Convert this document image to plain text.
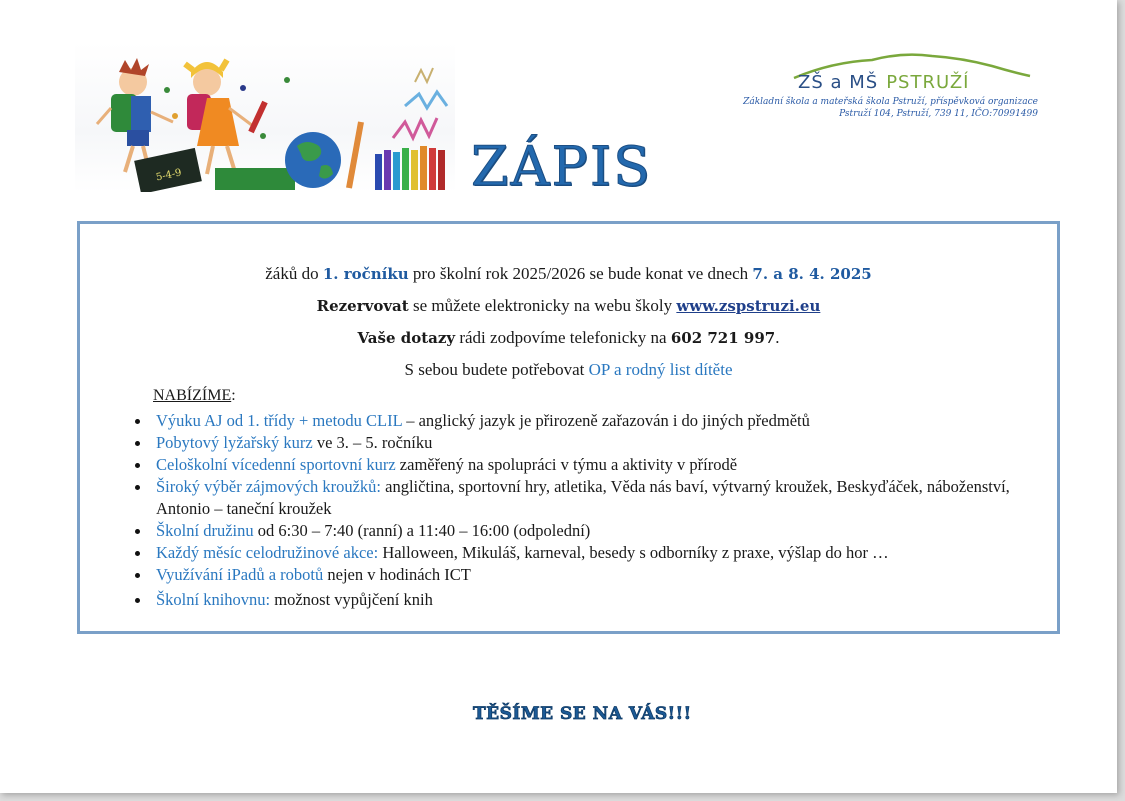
5-4-9
ZŠ a MŠ PSTRUŽÍ
Základní škola a mateřská škola Pstruží, příspěvková organizace
Pstruží 104, Pstruží, 739 11, IČO:70991499
ZÁPIS
žáků do 1. ročníku pro školní rok 2025/2026 se bude konat ve dnech 7. a 8. 4. 2025
Rezervovat se můžete elektronicky na webu školy www.zspstruzi.eu
Vaše dotazy rádi zodpovíme telefonicky na 602 721 997.
S sebou budete potřebovat OP a rodný list dítěte
NABÍZÍME:
Výuku AJ od 1. třídy + metodu CLIL – anglický jazyk je přirozeně zařazován i do jiných předmětů
Pobytový lyžařský kurz ve 3. – 5. ročníku
Celoškolní vícedenní sportovní kurz zaměřený na spolupráci v týmu a aktivity v přírodě
Široký výběr zájmových kroužků: angličtina, sportovní hry, atletika, Věda nás baví, výtvarný kroužek, Beskyďáček, náboženství, Antonio – taneční kroužek
Školní družinu od 6:30 – 7:40 (ranní) a 11:40 – 16:00 (odpolední)
Každý měsíc celodružinové akce: Halloween, Mikuláš, karneval, besedy s odborníky z praxe, výšlap do hor …
Využívání iPadů a robotů nejen v hodinách ICT
Školní knihovnu: možnost vypůjčení knih
TĚŠÍME SE NA VÁS!!!
